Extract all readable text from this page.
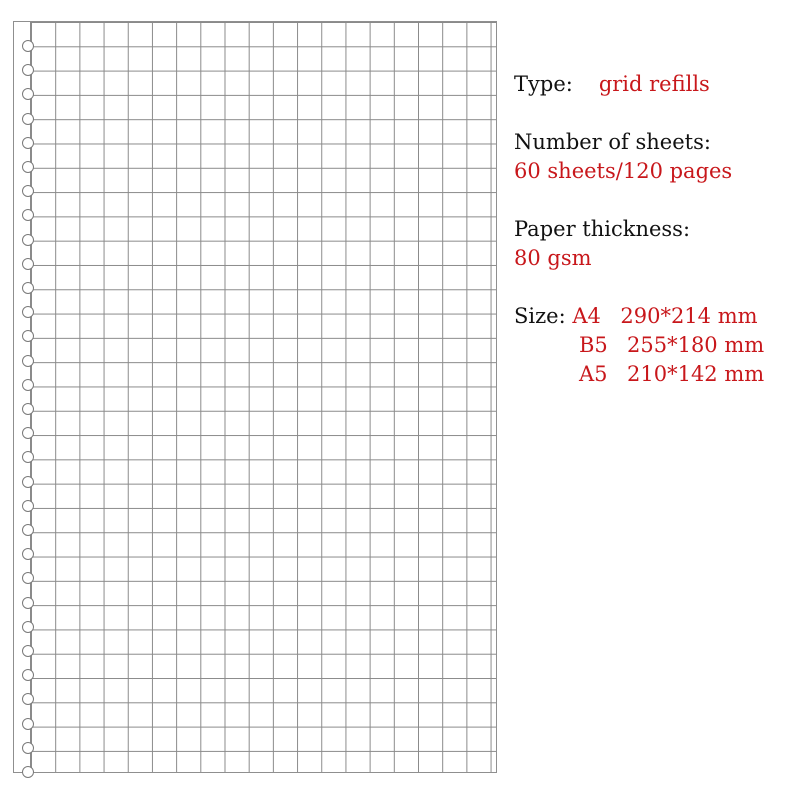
Type: grid refills
Number of sheets:
60 sheets/120 pages
Paper thickness:
80 gsm
Size: A4 290*214 mm
B5 255*180 mm
A5 210*142 mm
